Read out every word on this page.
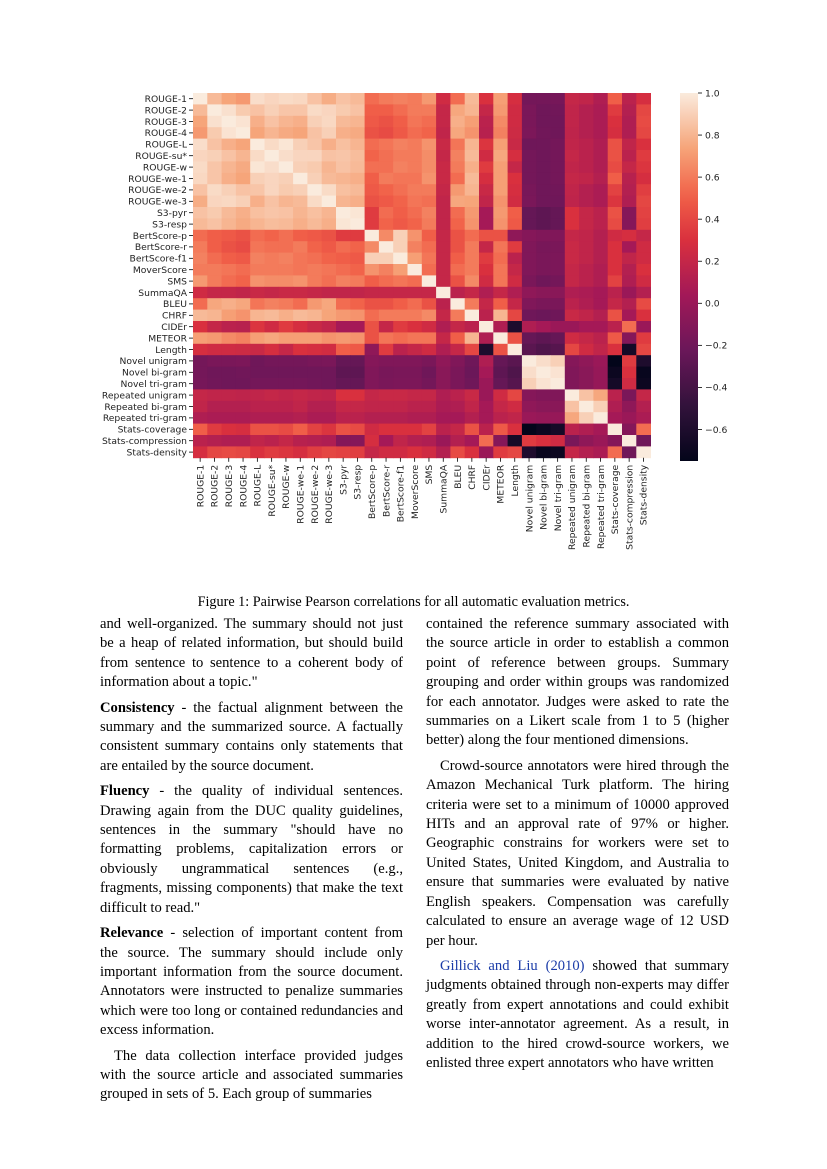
ROUGE-1
ROUGE-2
ROUGE-3
ROUGE-4
ROUGE-L
ROUGE-su*
ROUGE-w
ROUGE-we-1
ROUGE-we-2
ROUGE-we-3
S3-pyr
S3-resp
BertScore-p
BertScore-r
BertScore-f1
MoverScore
SMS
SummaQA
BLEU
CHRF
CIDEr
METEOR
Length
Novel unigram
Novel bi-gram
Novel tri-gram
Repeated unigram
Repeated bi-gram
Repeated tri-gram
Stats-coverage
Stats-compression
Stats-density
ROUGE-1 ROUGE-2 ROUGE-3 ROUGE-4 ROUGE-L ROUGE-su* ROUGE-w ROUGE-we-1 ROUGE-we-2 ROUGE-we-3 S3-pyr S3-resp BertScore-p BertScore-r BertScore-f1 MoverScore SMS SummaQA BLEU CHRF CIDEr METEOR Length Novel unigram Novel bi-gram Novel tri-gram Repeated unigram Repeated bi-gram Repeated tri-gram Stats-coverage Stats-compression Stats-density
1.0
0.8
0.6
0.4
0.2
0.0
−0.2
−0.4
−0.6
Figure 1: Pairwise Pearson correlations for all automatic evaluation metrics.

and well-organized. The summary should not just be a heap of related information, but should build from sentence to sentence to a coherent body of information about a topic."

Consistency - the factual alignment between the summary and the summarized source. A factually consistent summary contains only statements that are entailed by the source document.

Fluency - the quality of individual sentences. Drawing again from the DUC quality guidelines, sentences in the summary "should have no formatting problems, capitalization errors or obviously ungrammatical sentences (e.g., fragments, missing components) that make the text difficult to read."

Relevance - selection of important content from the source. The summary should include only important information from the source document. Annotators were instructed to penalize summaries which were too long or contained redundancies and excess information.

The data collection interface provided judges with the source article and associated summaries grouped in sets of 5. Each group of summaries

contained the reference summary associated with the source article in order to establish a common point of reference between groups. Summary grouping and order within groups was randomized for each annotator. Judges were asked to rate the summaries on a Likert scale from 1 to 5 (higher better) along the four mentioned dimensions.

Crowd-source annotators were hired through the Amazon Mechanical Turk platform. The hiring criteria were set to a minimum of 10000 approved HITs and an approval rate of 97% or higher. Geographic constrains for workers were set to United States, United Kingdom, and Australia to ensure that summaries were evaluated by native English speakers. Compensation was carefully calculated to ensure an average wage of 12 USD per hour.

Gillick and Liu (2010) showed that summary judgments obtained through non-experts may differ greatly from expert annotations and could exhibit worse inter-annotator agreement. As a result, in addition to the hired crowd-source workers, we enlisted three expert annotators who have written
